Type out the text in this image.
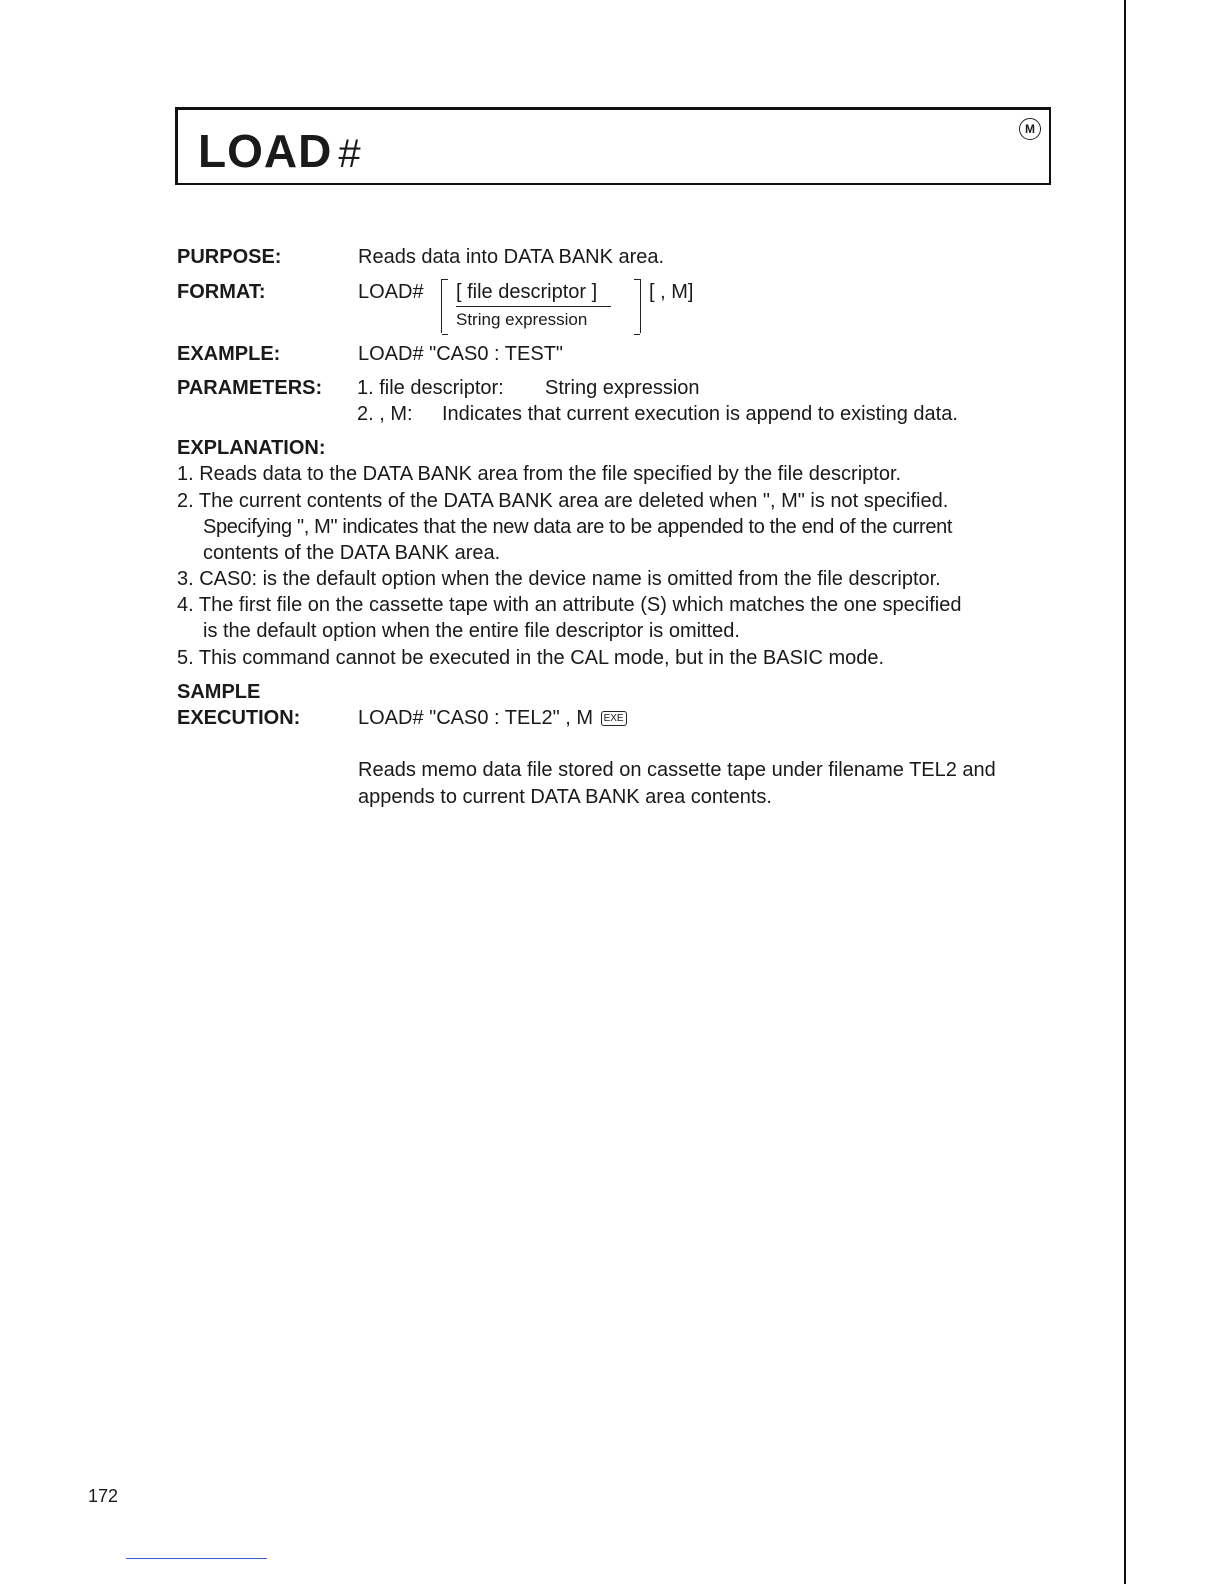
LOAD #
M
PURPOSE:	Reads data into DATA BANK area.
FORMAT:	LOAD# [ file descriptor ]
String expression
[ , M]
EXAMPLE:	LOAD# "CAS0 : TEST"
PARAMETERS: 1. file descriptor: String expression
2. , M: Indicates that current execution is append to existing data.
EXPLANATION:
1. Reads data to the DATA BANK area from the file specified by the file descriptor.
2. The current contents of the DATA BANK area are deleted when ", M" is not specified.
Specifying ", M" indicates that the new data are to be appended to the end of the current
contents of the DATA BANK area.
3. CAS0: is the default option when the device name is omitted from the file descriptor.
4. The first file on the cassette tape with an attribute (S) which matches the one specified
is the default option when the entire file descriptor is omitted.
5. This command cannot be executed in the CAL mode, but in the BASIC mode.
SAMPLE
EXECUTION:	LOAD# "CAS0 : TEL2" , M EXE
Reads memo data file stored on cassette tape under filename TEL2 and
appends to current DATA BANK area contents.
172
